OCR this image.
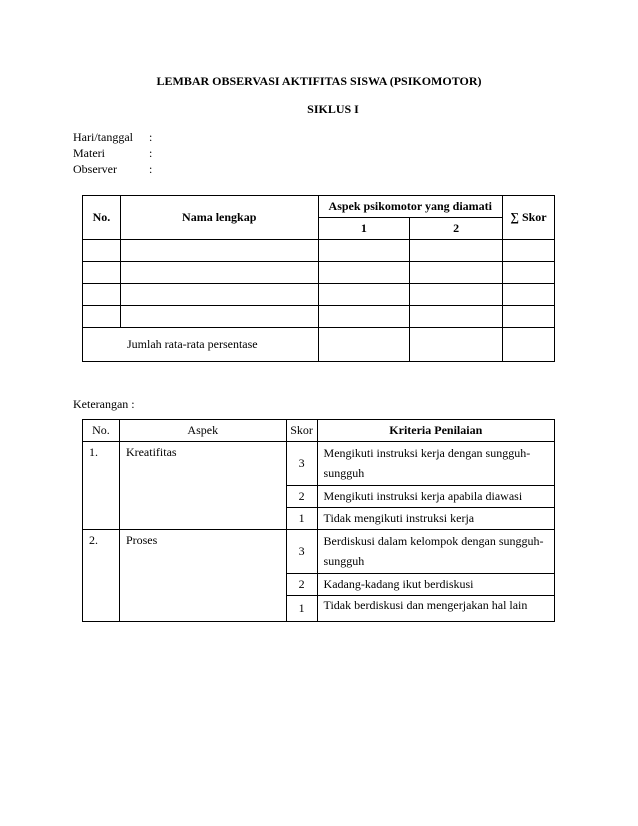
LEMBAR OBSERVASI AKTIFITAS SISWA (PSIKOMOTOR)
SIKLUS I
Hari/tanggal :
Materi	:
Observer	:
No.	Nama lengkap	Aspek psikomotor yang diamati		∑ Skor
		1	2	

Jumlah rata-rata persentase				
Keterangan :
No.	Aspek	Skor	Kriteria Penilaian
1.	Kreatifitas	3	Mengikuti instruksi kerja dengan sungguh-sungguh
		2	Mengikuti instruksi kerja apabila diawasi
		1	Tidak mengikuti instruksi kerja
2.	Proses	3	Berdiskusi dalam kelompok dengan sungguh-sungguh
		2	Kadang-kadang ikut berdiskusi
		1	Tidak berdiskusi dan mengerjakan hal lain
